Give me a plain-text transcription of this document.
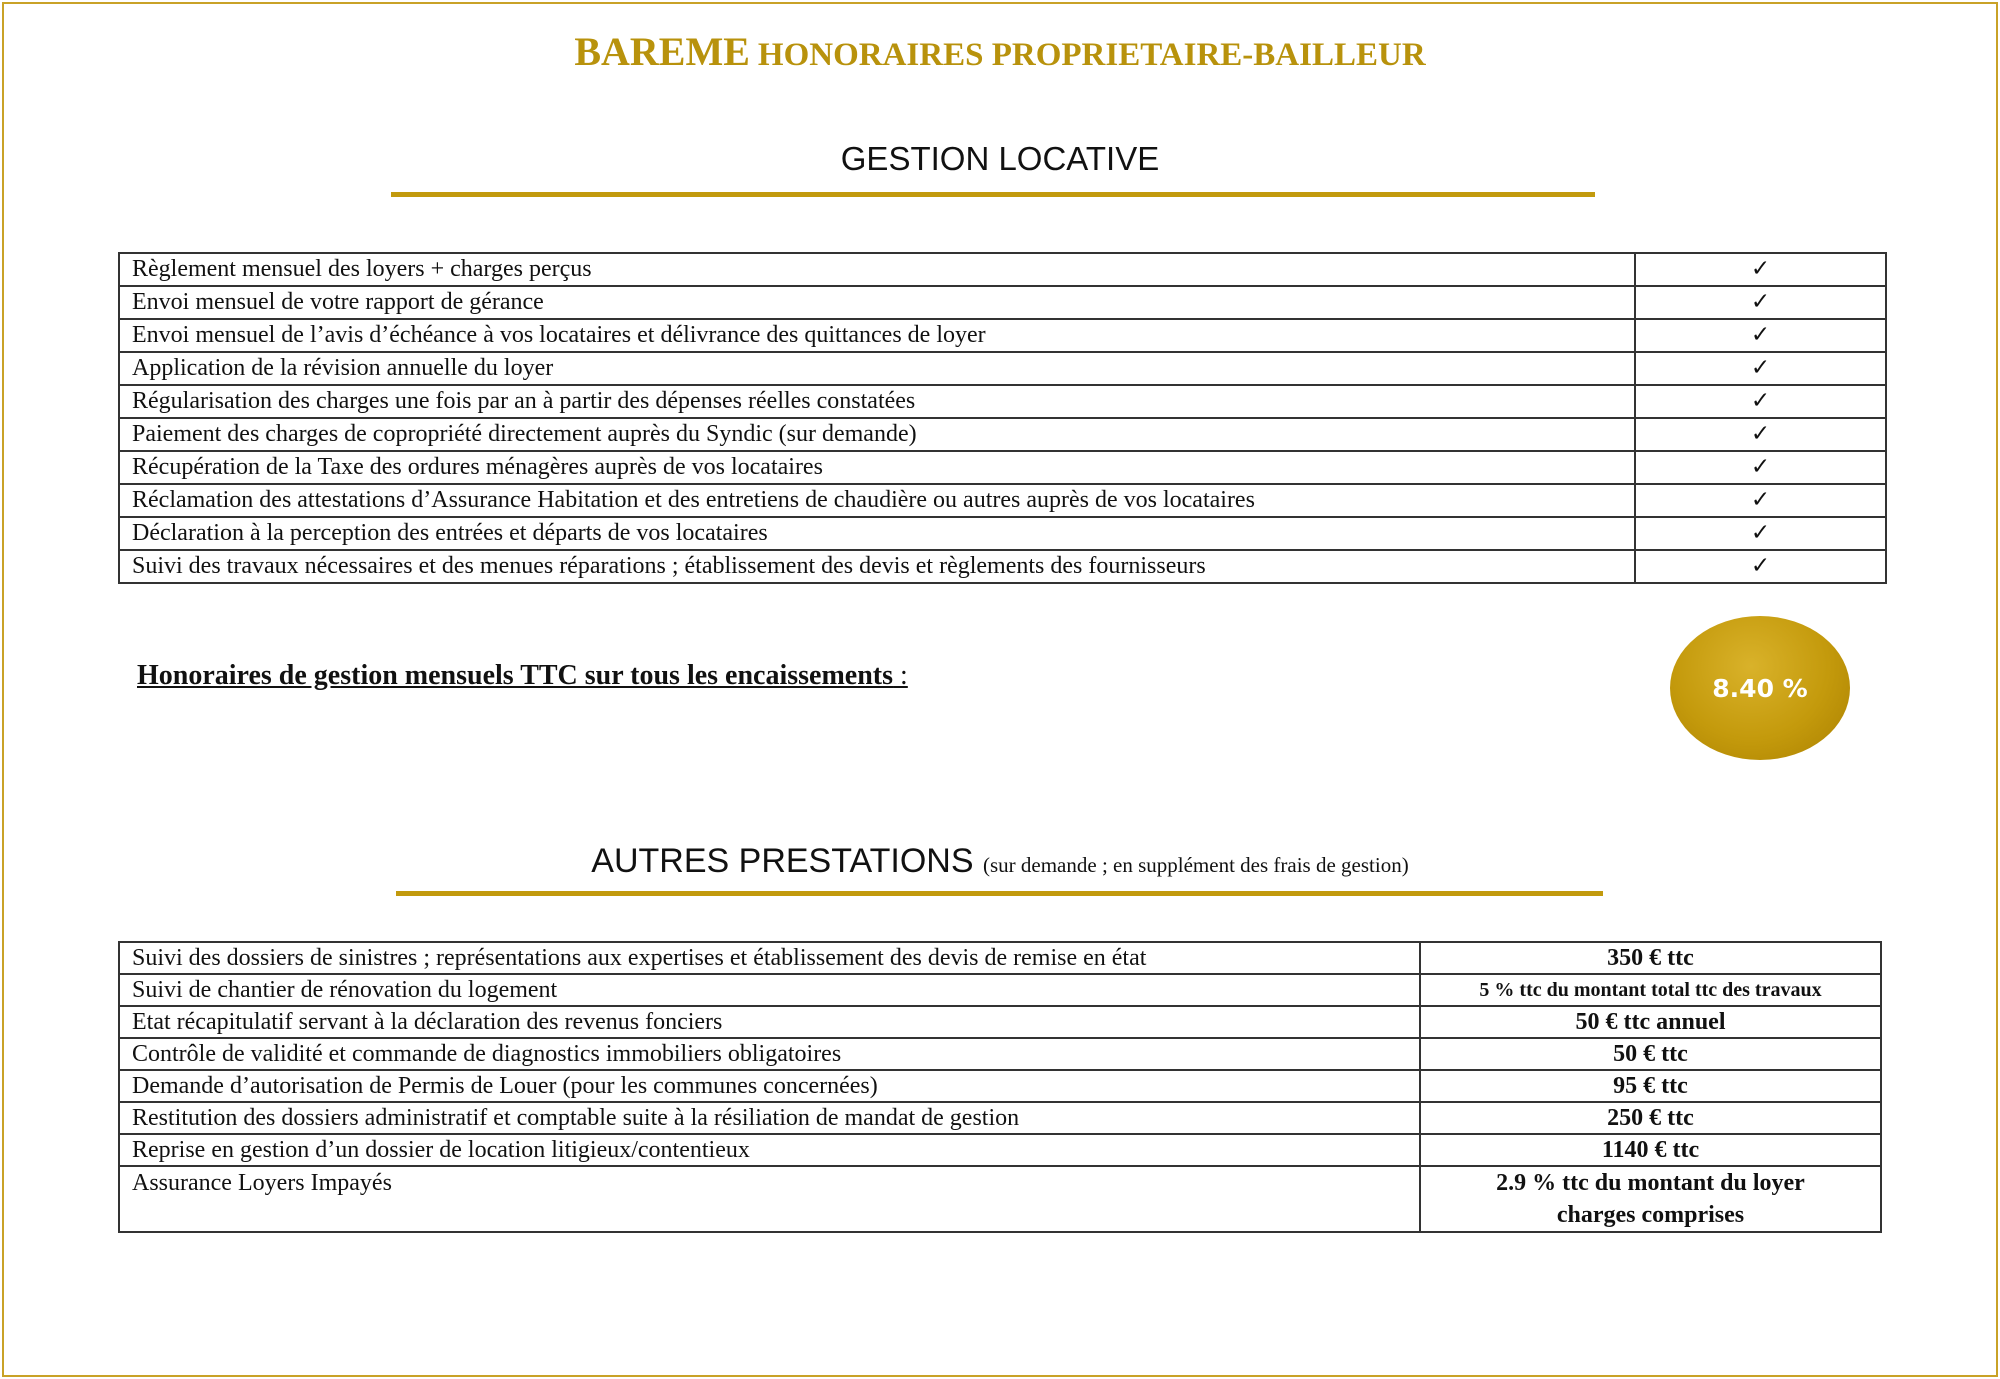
BAREME HONORAIRES PROPRIETAIRE-BAILLEUR
GESTION LOCATIVE
Règlement mensuel des loyers + charges perçus	✓
Envoi mensuel de votre rapport de gérance	✓
Envoi mensuel de l’avis d’échéance à vos locataires et délivrance des quittances de loyer	✓
Application de la révision annuelle du loyer	✓
Régularisation des charges une fois par an à partir des dépenses réelles constatées	✓
Paiement des charges de copropriété directement auprès du Syndic (sur demande)	✓
Récupération de la Taxe des ordures ménagères auprès de vos locataires	✓
Réclamation des attestations d’Assurance Habitation et des entretiens de chaudière ou autres auprès de vos locataires	✓
Déclaration à la perception des entrées et départs de vos locataires	✓
Suivi des travaux nécessaires et des menues réparations ; établissement des devis et règlements des fournisseurs	✓
Honoraires de gestion mensuels TTC sur tous les encaissements :	8.40 %
AUTRES PRESTATIONS (sur demande ; en supplément des frais de gestion)
Suivi des dossiers de sinistres ; représentations aux expertises et établissement des devis de remise en état	350 € ttc
Suivi de chantier de rénovation du logement	5 % ttc du montant total ttc des travaux
Etat récapitulatif servant à la déclaration des revenus fonciers	50 € ttc annuel
Contrôle de validité et commande de diagnostics immobiliers obligatoires	50 € ttc
Demande d’autorisation de Permis de Louer (pour les communes concernées)	95 € ttc
Restitution des dossiers administratif et comptable suite à la résiliation de mandat de gestion	250 € ttc
Reprise en gestion d’un dossier de location litigieux/contentieux	1140 € ttc
Assurance Loyers Impayés	2.9 % ttc du montant du loyer
charges comprises
